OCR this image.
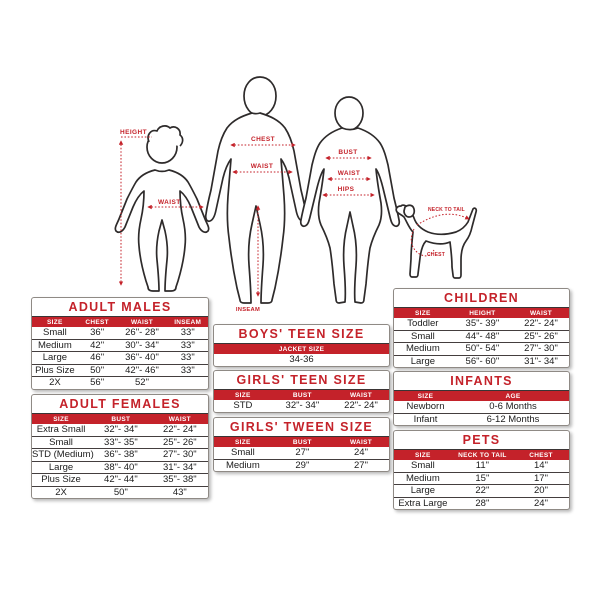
HEIGHT
WAIST
CHEST
WAIST
INSEAM
BUST
WAIST
HIPS
NECK TO TAIL
CHEST
ADULT MALES
SIZE	CHEST	WAIST	INSEAM
Small	36"	26"- 28"	33"
Medium	42"	30"- 34"	33"
Large	46"	36"- 40"	33"
Plus Size	50"	42"- 46"	33"
2X	56"	52"
ADULT FEMALES
SIZE	BUST	WAIST
Extra Small	32"- 34"	22"- 24"
Small	33"- 35"	25"- 26"
STD (Medium)	36"- 38"	27"- 30"
Large	38"- 40"	31"- 34"
Plus Size	42"- 44"	35"- 38"
2X	50"	43"
BOYS' TEEN SIZE
JACKET SIZE
34-36
GIRLS' TEEN SIZE
SIZE	BUST	WAIST
STD	32"- 34"	22"- 24"
GIRLS' TWEEN SIZE
SIZE	BUST	WAIST
Small	27"	24"
Medium	29"	27"
CHILDREN
SIZE	HEIGHT	WAIST
Toddler	35"- 39"	22"- 24"
Small	44"- 48"	25"- 26"
Medium	50"- 54"	27"- 30"
Large	56"- 60"	31"- 34"
INFANTS
SIZE	AGE
Newborn	0-6 Months
Infant	6-12 Months
PETS
SIZE	NECK TO TAIL	CHEST
Small	11"	14"
Medium	15"	17"
Large	22"	20"
Extra Large	28"	24"
